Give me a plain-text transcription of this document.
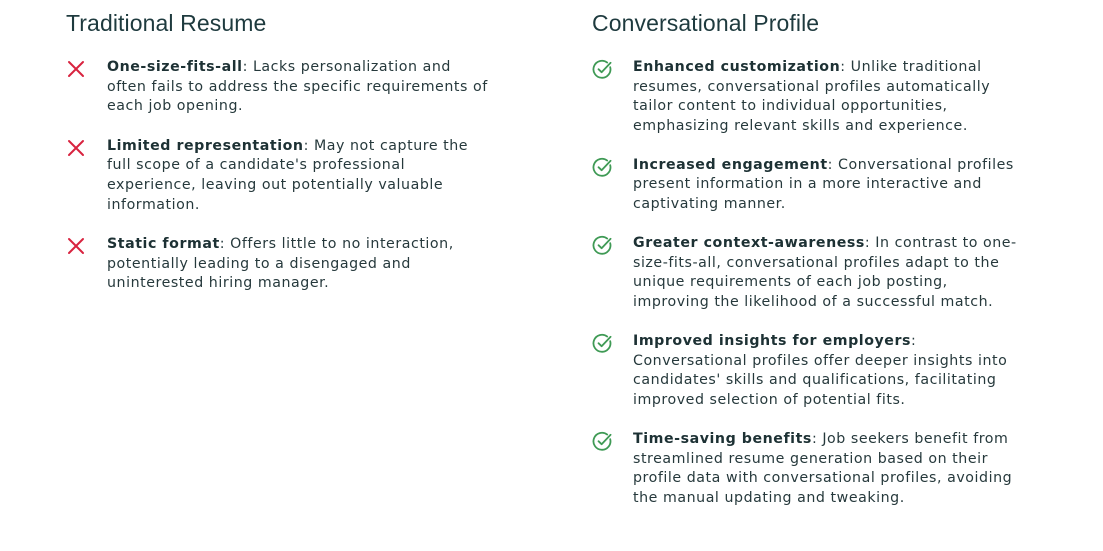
Traditional Resume
One-size-fits-all: Lacks personalization and often fails to address the specific requirements of each job opening.
Limited representation: May not capture the full scope of a candidate's professional experience, leaving out potentially valuable information.
Static format: Offers little to no interaction, potentially leading to a disengaged and uninterested hiring manager.
Conversational Profile
Enhanced customization: Unlike traditional resumes, conversational profiles automatically tailor content to individual opportunities, emphasizing relevant skills and experience.
Increased engagement: Conversational profiles present information in a more interactive and captivating manner.
Greater context-awareness: In contrast to one-size-fits-all, conversational profiles adapt to the unique requirements of each job posting, improving the likelihood of a successful match.
Improved insights for employers: Conversational profiles offer deeper insights into candidates' skills and qualifications, facilitating improved selection of potential fits.
Time-saving benefits: Job seekers benefit from streamlined resume generation based on their profile data with conversational profiles, avoiding the manual updating and tweaking.
